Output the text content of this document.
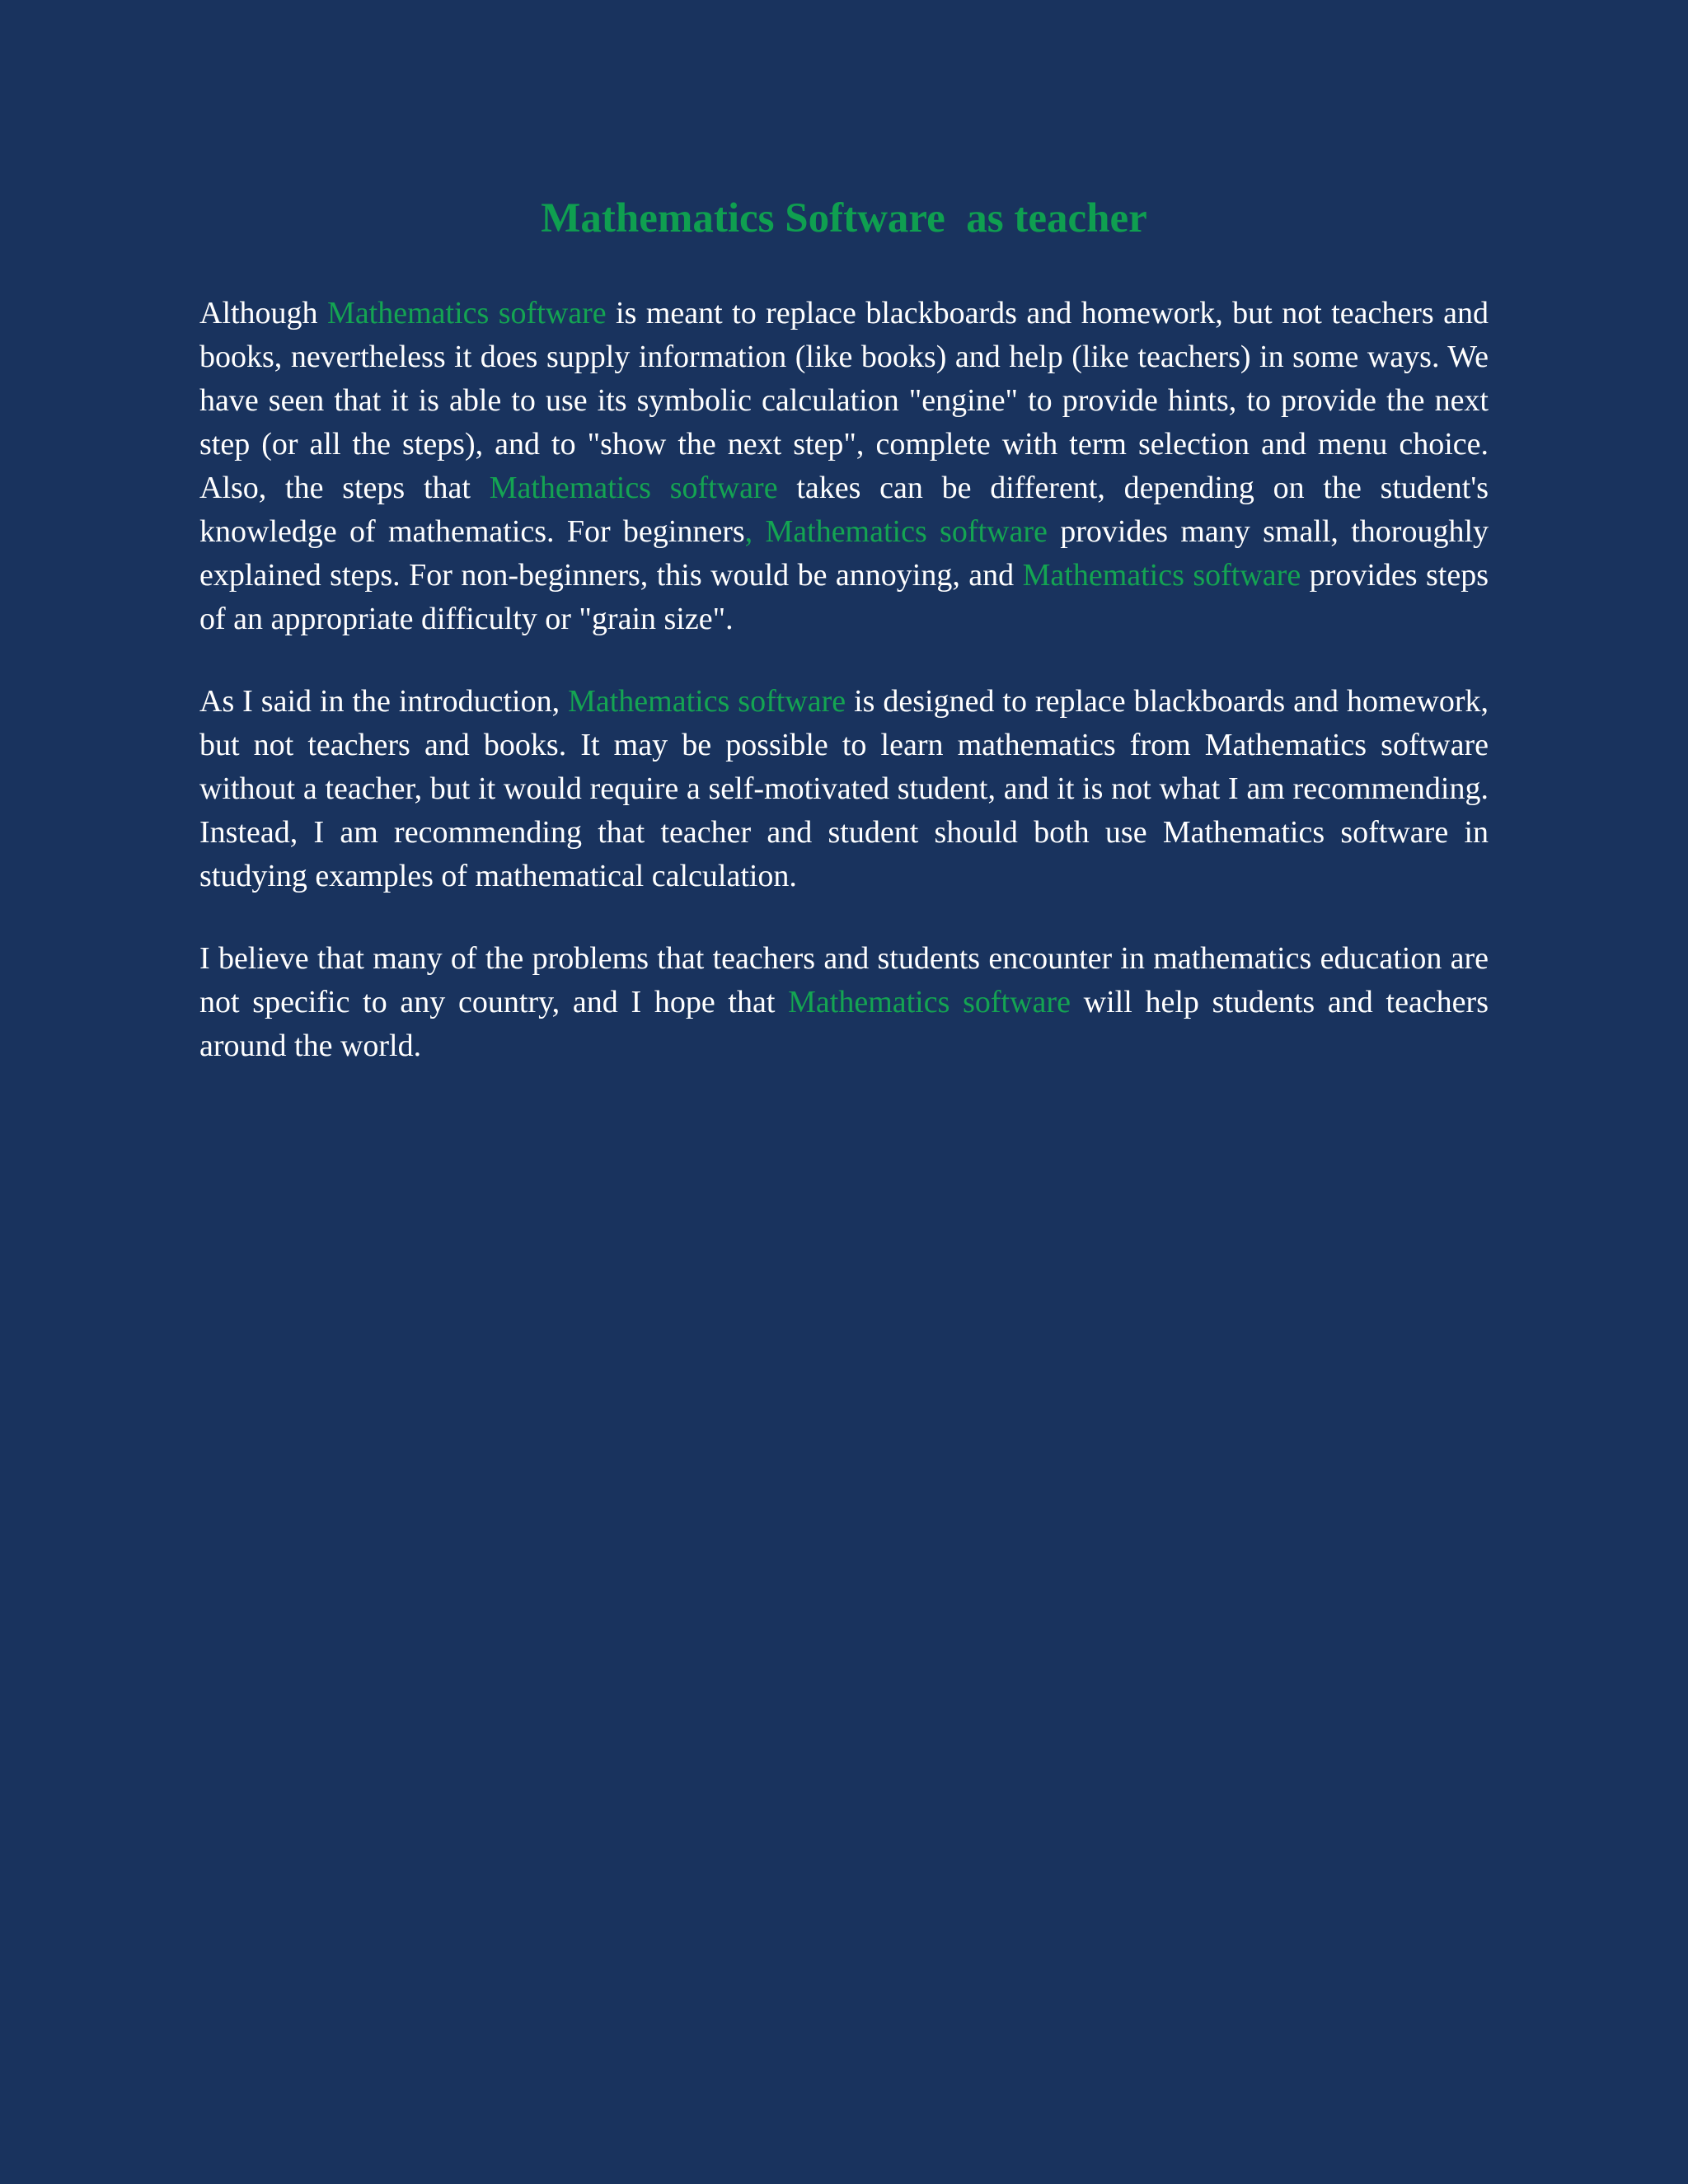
Mathematics Software  as teacher

Although Mathematics software is meant to replace blackboards and homework, but not teachers and books, nevertheless it does supply information (like books) and help (like teachers) in some ways. We have seen that it is able to use its symbolic calculation "engine" to provide hints, to provide the next step (or all the steps), and to "show the next step", complete with term selection and menu choice. Also, the steps that Mathematics software takes can be different, depending on the student's knowledge of mathematics. For beginners, Mathematics software provides many small, thoroughly explained steps. For non-beginners, this would be annoying, and Mathematics software provides steps of an appropriate difficulty or "grain size".

As I said in the introduction, Mathematics software is designed to replace blackboards and homework, but not teachers and books. It may be possible to learn mathematics from Mathematics software without a teacher, but it would require a self-motivated student, and it is not what I am recommending. Instead, I am recommending that teacher and student should both use Mathematics software in studying examples of mathematical calculation.

I believe that many of the problems that teachers and students encounter in mathematics education are not specific to any country, and I hope that Mathematics software will help students and teachers around the world.
